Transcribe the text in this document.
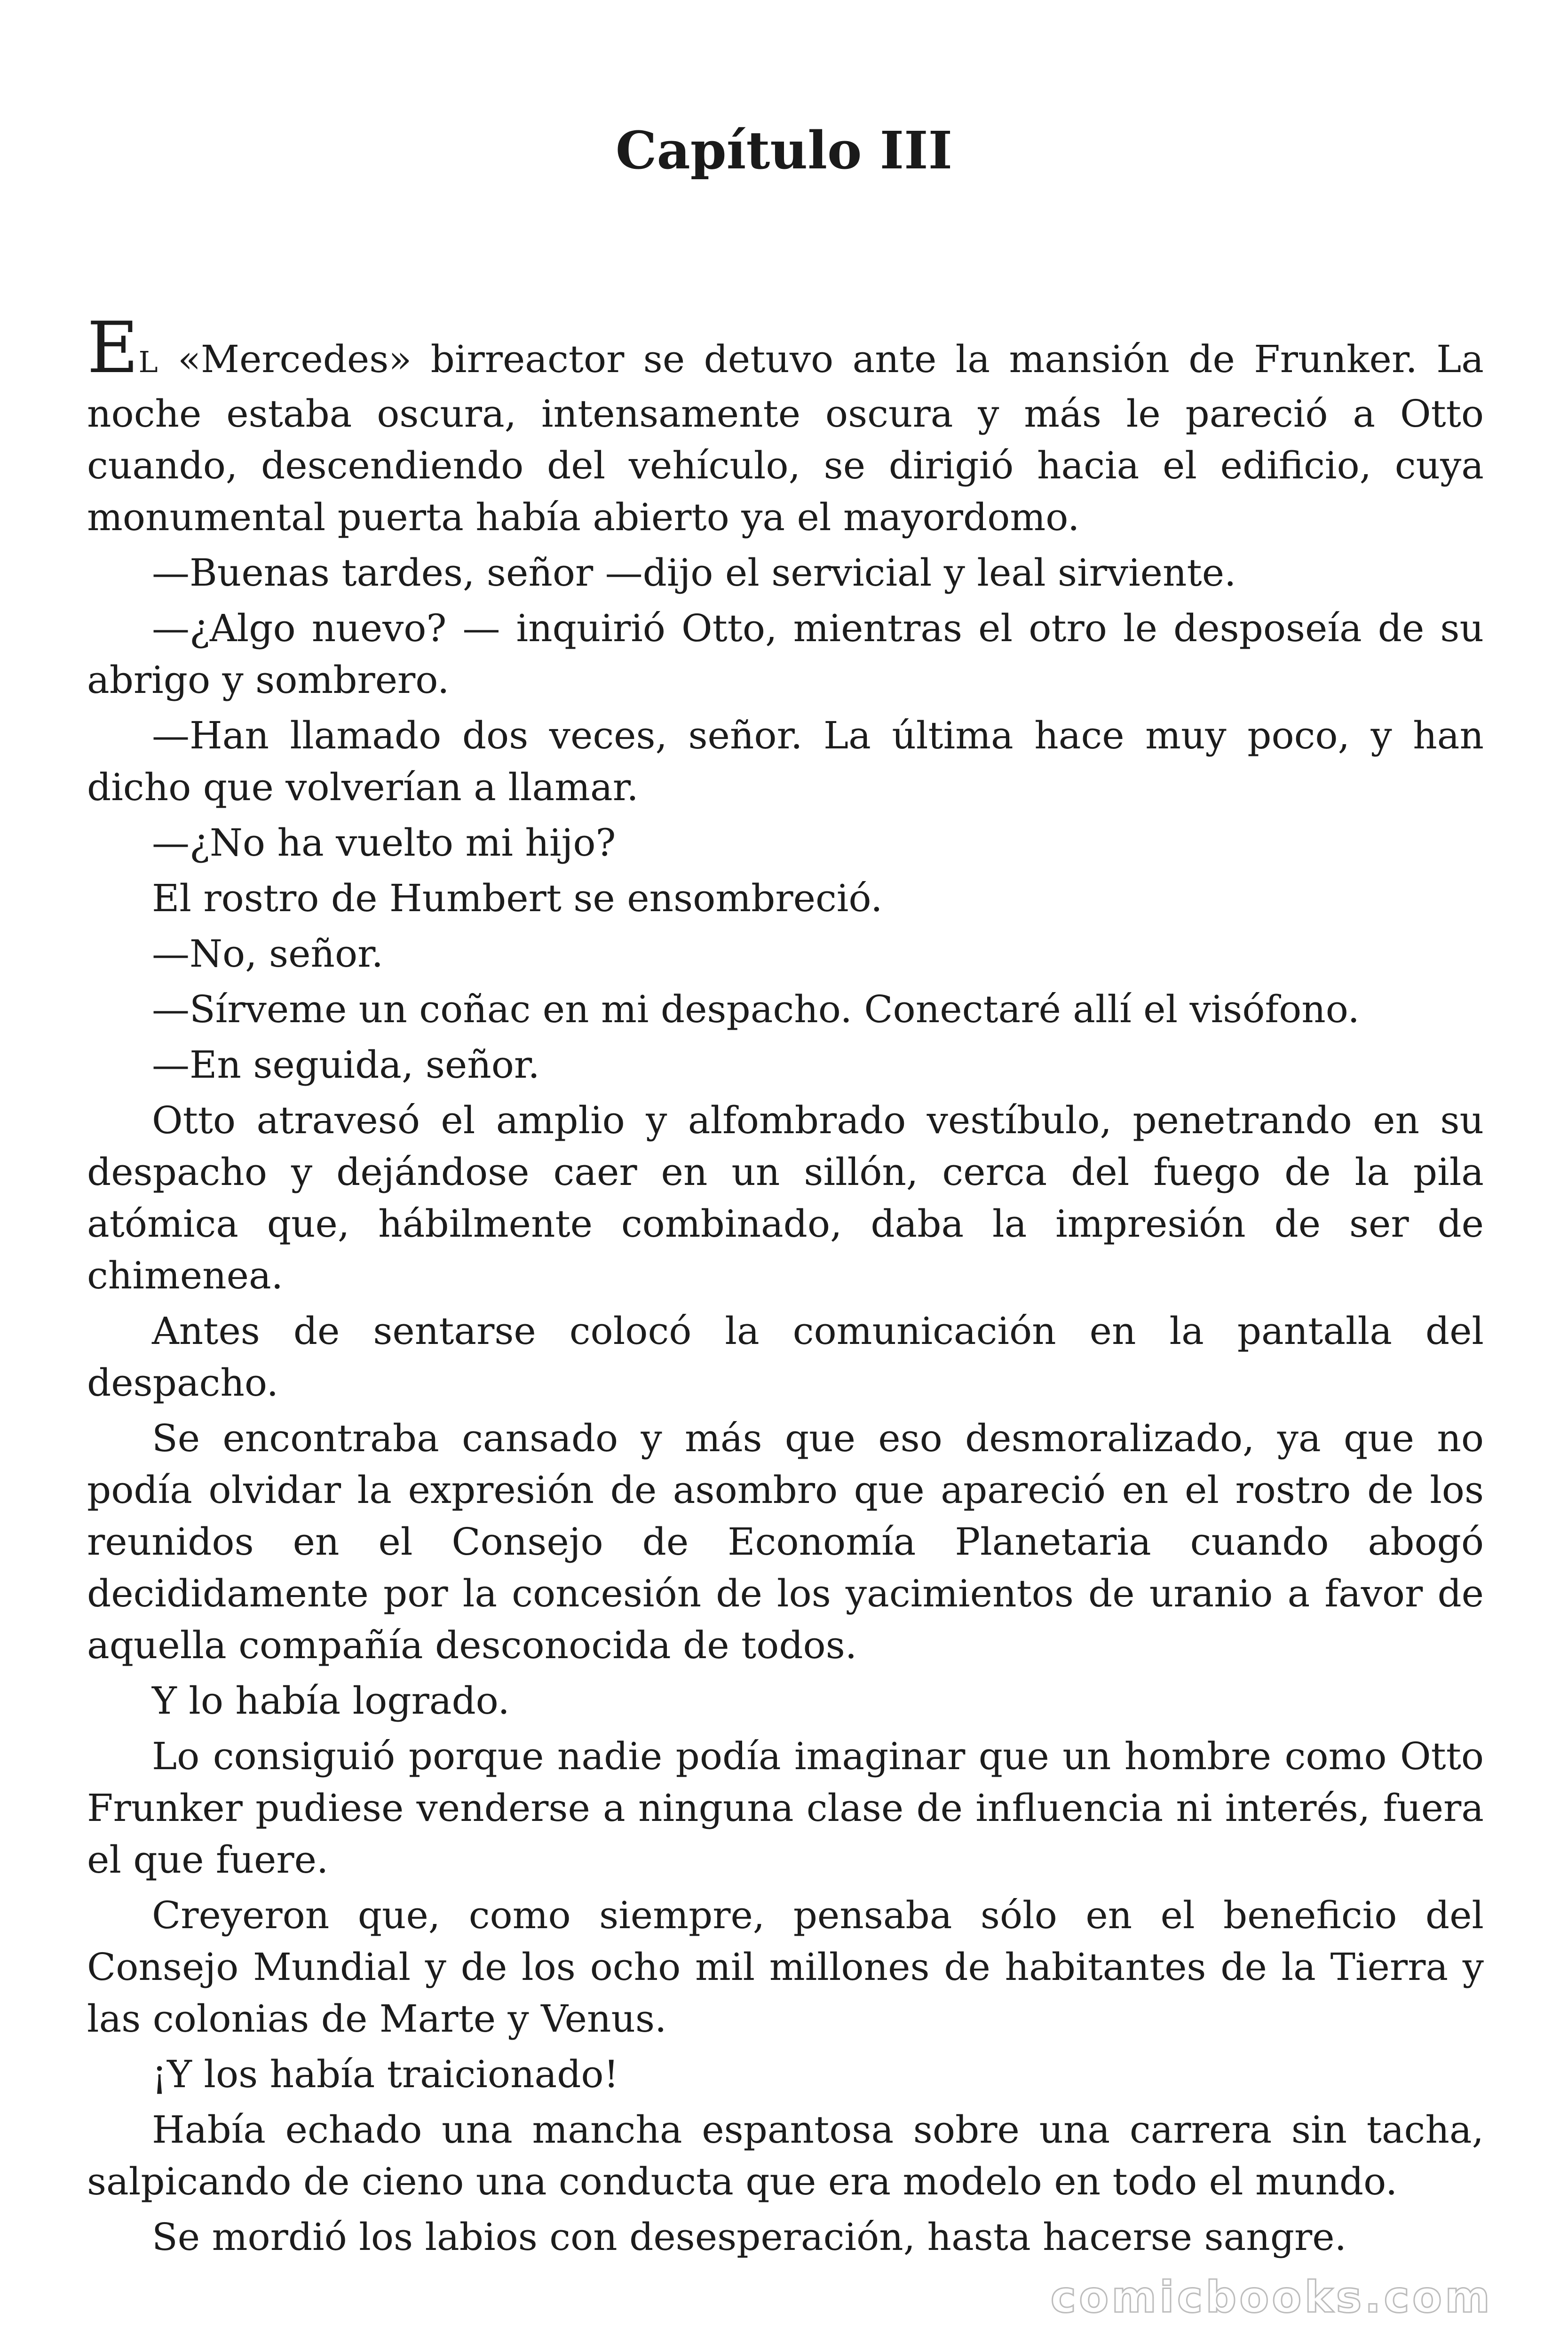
Capítulo III

EL «Mercedes» birreactor se detuvo ante la mansión de Frunker. La noche estaba oscura, intensamente oscura y más le pareció a Otto cuando, descendiendo del vehículo, se dirigió hacia el edificio, cuya monumental puerta había abierto ya el mayordomo.

—Buenas tardes, señor —dijo el servicial y leal sirviente.

—¿Algo nuevo? — inquirió Otto, mientras el otro le desposeía de su abrigo y sombrero.

—Han llamado dos veces, señor. La última hace muy poco, y han dicho que volverían a llamar.

—¿No ha vuelto mi hijo?

El rostro de Humbert se ensombreció.

—No, señor.

—Sírveme un coñac en mi despacho. Conectaré allí el visófono.

—En seguida, señor.

Otto atravesó el amplio y alfombrado vestíbulo, penetrando en su despacho y dejándose caer en un sillón, cerca del fuego de la pila atómica que, hábilmente combinado, daba la impresión de ser de chimenea.

Antes de sentarse colocó la comunicación en la pantalla del despacho.

Se encontraba cansado y más que eso desmoralizado, ya que no podía olvidar la expresión de asombro que apareció en el rostro de los reunidos en el Consejo de Economía Planetaria cuando abogó decididamente por la concesión de los yacimientos de uranio a favor de aquella compañía desconocida de todos.

Y lo había logrado.

Lo consiguió porque nadie podía imaginar que un hombre como Otto Frunker pudiese venderse a ninguna clase de influencia ni interés, fuera el que fuere.

Creyeron que, como siempre, pensaba sólo en el beneficio del Consejo Mundial y de los ocho mil millones de habitantes de la Tierra y las colonias de Marte y Venus.

¡Y los había traicionado!

Había echado una mancha espantosa sobre una carrera sin tacha, salpicando de cieno una conducta que era modelo en todo el mundo.

Se mordió los labios con desesperación, hasta hacerse sangre.

comicbooks.com
